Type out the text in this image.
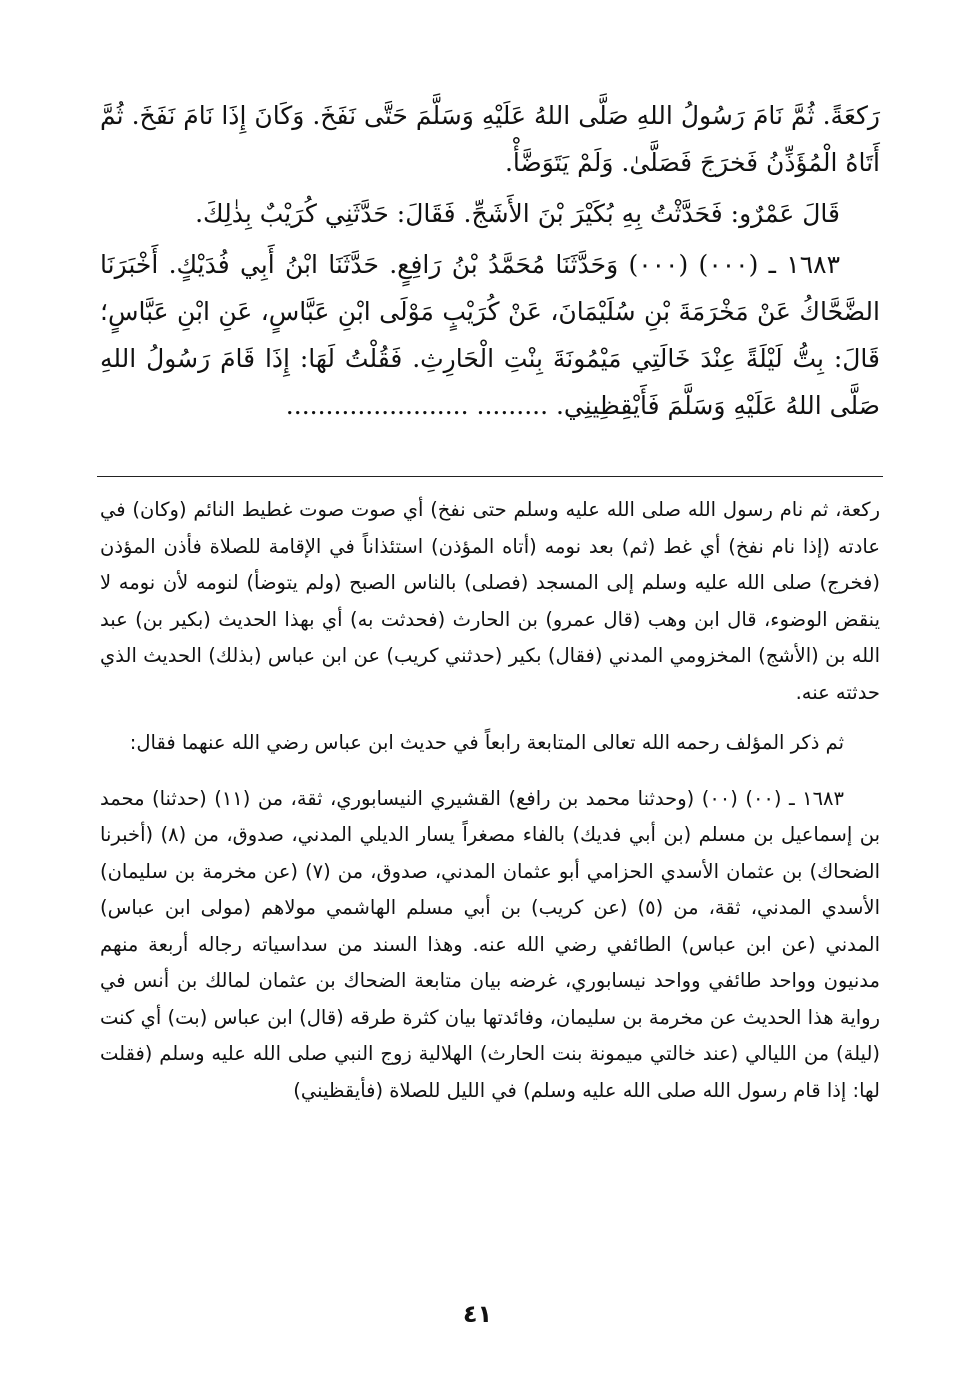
رَكعَةً. ثُمَّ نَامَ رَسُولُ اللهِ صَلَّى اللهُ عَلَيْهِ وَسَلَّمَ حَتَّى نَفَخَ. وَكَانَ إِذَا نَامَ نَفَخَ. ثُمَّ أَتَاهُ الْمُؤَذِّنُ فَخرَجَ فَصَلَّىٰ. وَلَمْ يَتَوَضَّأْ.

قَالَ عَمْرٌو: فَحَدَّثْتُ بِهِ بُكَيْرَ بْنَ الأَشَجِّ. فَقَالَ: حَدَّثَنِي كُرَيْبٌ بِذٰلِكَ.

١٦٨٣ ـ (٠٠٠) (٠٠٠) وَحَدَّثَنَا مُحَمَّدُ بْنُ رَافِعٍ. حَدَّثَنَا ابْنُ أَبِي فُدَيْكٍ. أَخْبَرَنَا الضَّحَّاكُ عَنْ مَخْرَمَةَ بْنِ سُلَيْمَانَ، عَنْ كُرَيْبٍ مَوْلَى ابْنِ عَبَّاسٍ، عَنِ ابْنِ عَبَّاسٍ؛ قَالَ: بِتُّ لَيْلَةً عِنْدَ خَالَتِي مَيْمُونَةَ بِنْتِ الْحَارِثِ. فَقُلْتُ لَهَا: إِذَا قَامَ رَسُولُ اللهِ صَلَّى اللهُ عَلَيْهِ وَسَلَّمَ فَأَيْقِظِينِي. ......... .......................

ركعة، ثم نام رسول الله صلى الله عليه وسلم حتى نفخ) أي صوت صوت غطيط النائم (وكان) في عادته (إذا نام نفخ) أي غط (ثم) بعد نومه (أتاه المؤذن) استئذاناً في الإقامة للصلاة فأذن المؤذن (فخرج) صلى الله عليه وسلم إلى المسجد (فصلى) بالناس الصبح (ولم يتوضأ) لنومه لأن نومه لا ينقض الوضوء، قال ابن وهب (قال عمرو) بن الحارث (فحدثت به) أي بهذا الحديث (بكير بن) عبد الله بن (الأشج) المخزومي المدني (فقال) بكير (حدثني كريب) عن ابن عباس (بذلك) الحديث الذي حدثته عنه.

ثم ذكر المؤلف رحمه الله تعالى المتابعة رابعاً في حديث ابن عباس رضي الله عنهما فقال:

١٦٨٣ ـ (٠٠) (٠٠) (وحدثنا محمد بن رافع) القشيري النيسابوري، ثقة، من (١١) (حدثنا) محمد بن إسماعيل بن مسلم (بن أبي فديك) بالفاء مصغراً يسار الديلي المدني، صدوق، من (٨) (أخبرنا الضحاك) بن عثمان الأسدي الحزامي أبو عثمان المدني، صدوق، من (٧) (عن مخرمة بن سليمان) الأسدي المدني، ثقة، من (٥) (عن كريب) بن أبي مسلم الهاشمي مولاهم (مولى ابن عباس) المدني (عن ابن عباس) الطائفي رضي الله عنه. وهذا السند من سداسياته رجاله أربعة منهم مدنيون وواحد طائفي وواحد نيسابوري، غرضه بيان متابعة الضحاك بن عثمان لمالك بن أنس في رواية هذا الحديث عن مخرمة بن سليمان، وفائدتها بيان كثرة طرقه (قال) ابن عباس (بت) أي كنت (ليلة) من الليالي (عند خالتي ميمونة بنت الحارث) الهلالية زوج النبي صلى الله عليه وسلم (فقلت لها: إذا قام رسول الله صلى الله عليه وسلم) في الليل للصلاة (فأيقظيني)

٤١
